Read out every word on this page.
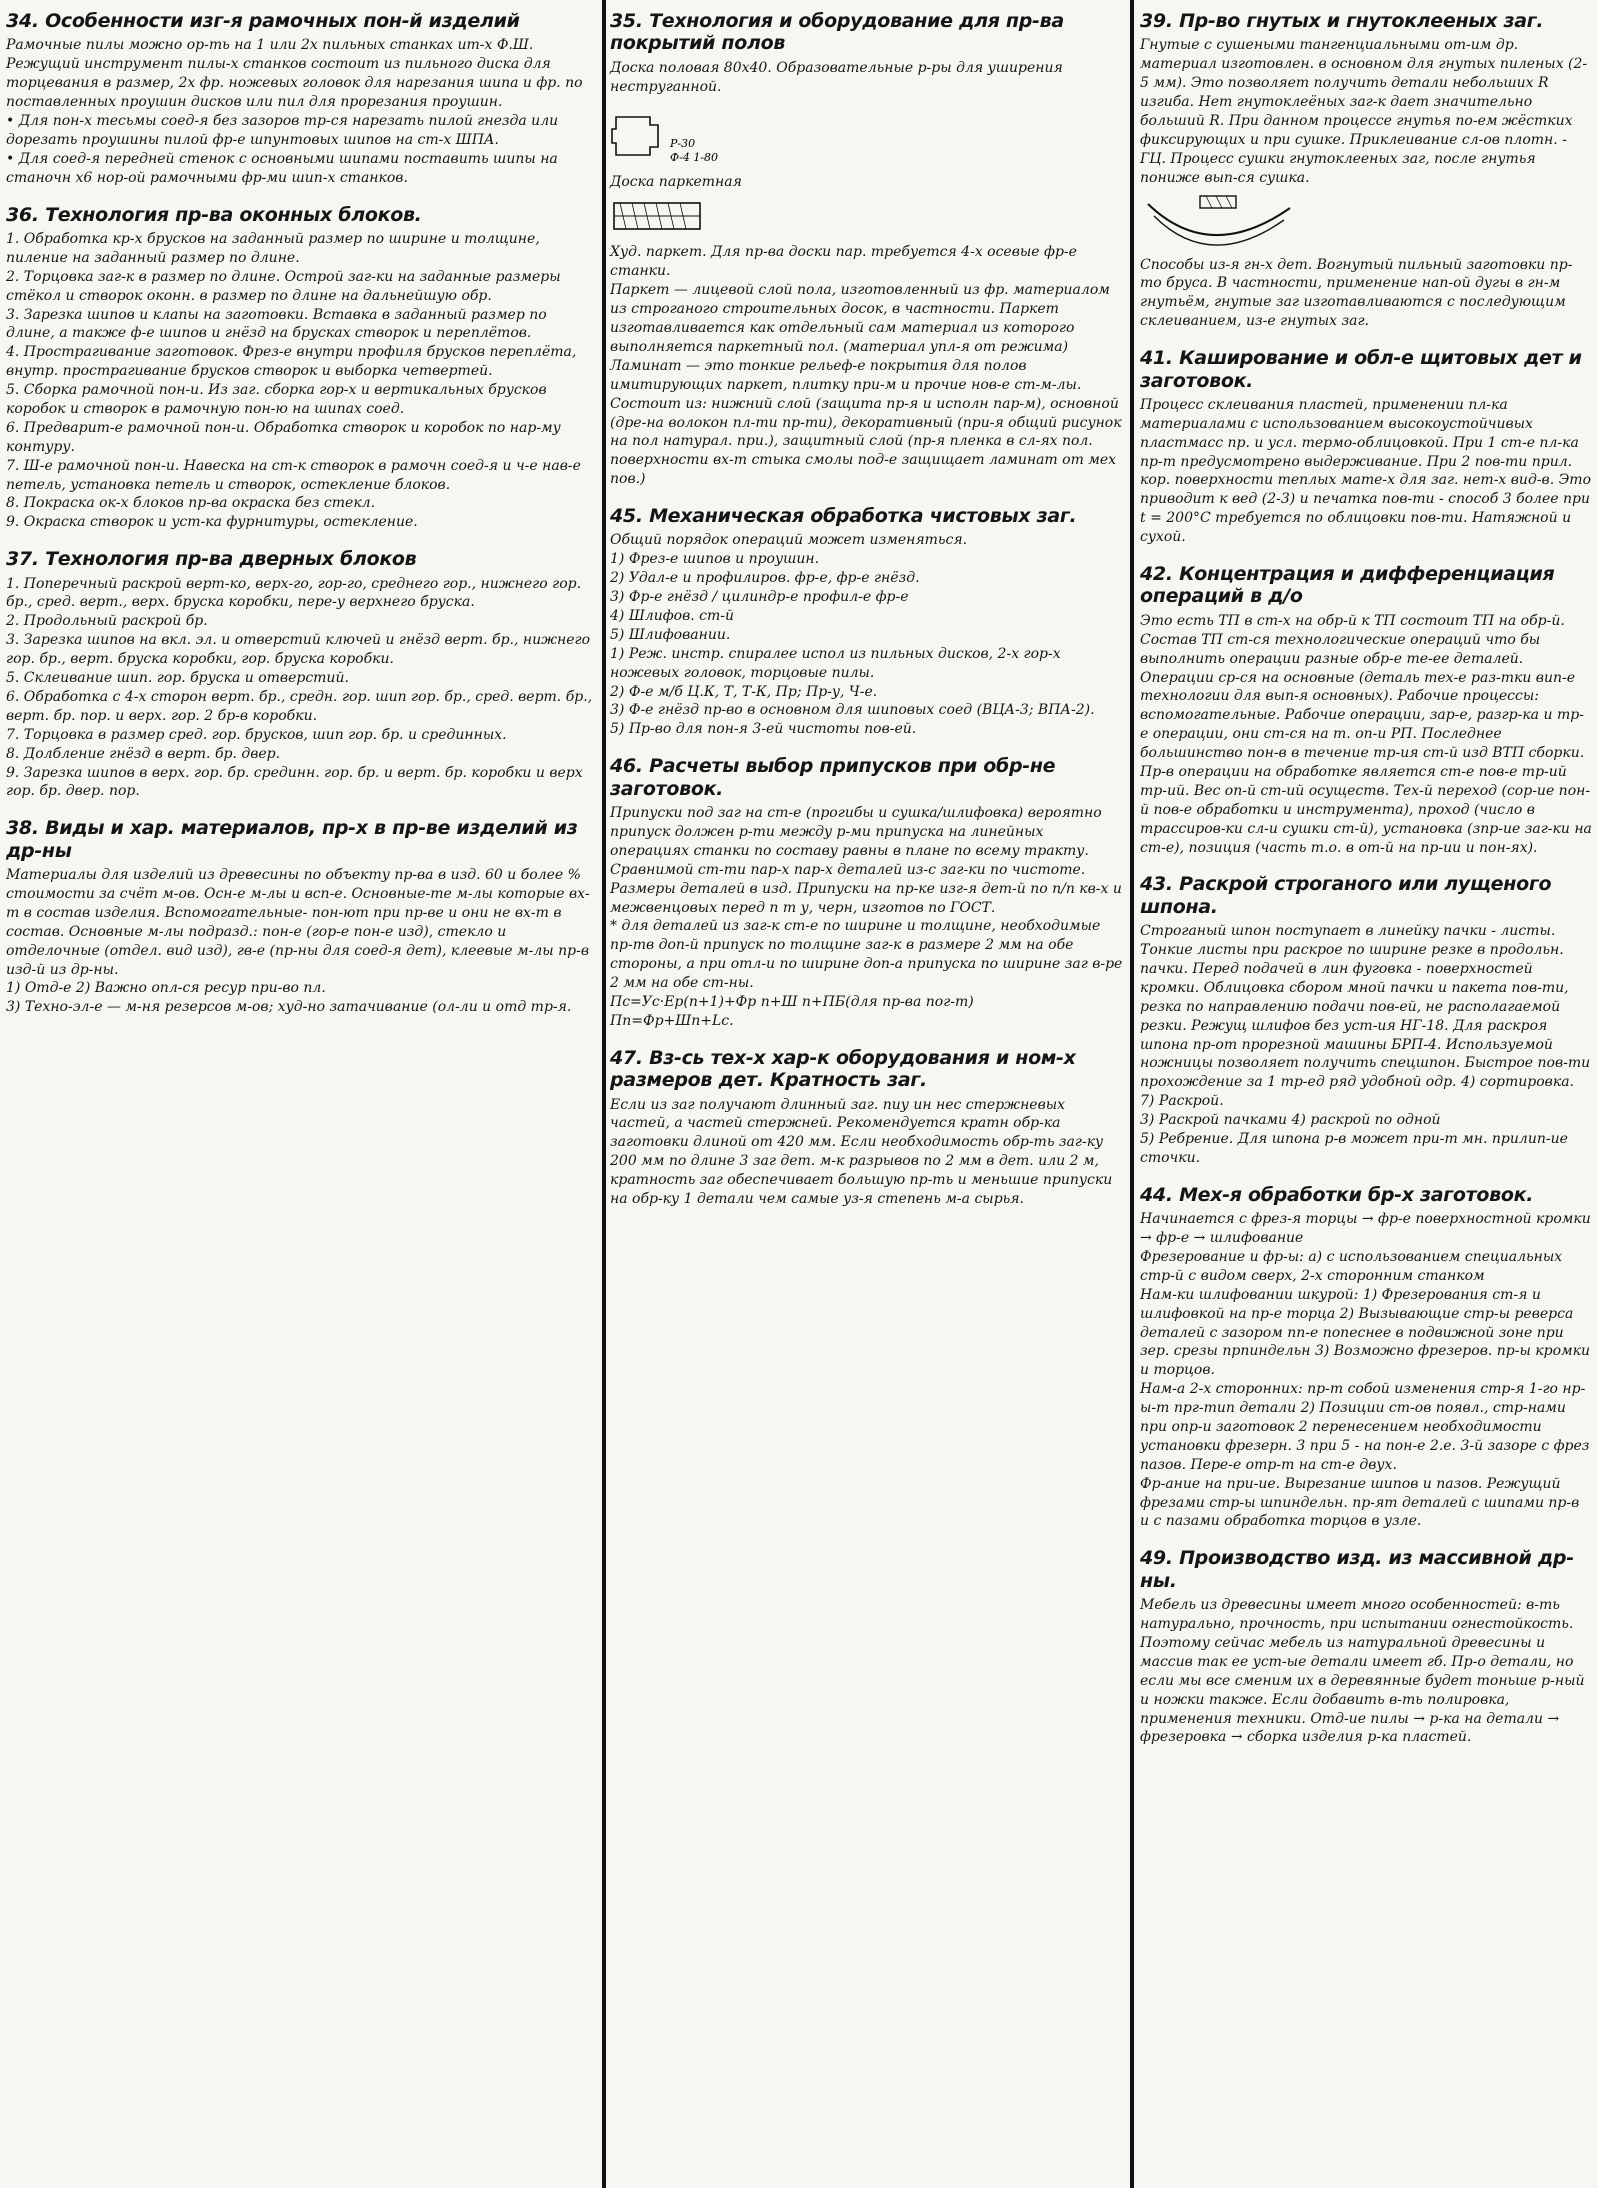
34. Особенности изг-я рамочных пон-й изделий

Рамочные пилы можно ор-ть на 1 или 2х пильных станках ит-х Ф.Ш.

Режущий инструмент пилы-х станков состоит из пильного диска для торцевания в размер, 2х фр. ножевых головок для нарезания шипа и фр. по поставленных проушин дисков или пил для прорезания проушин.

• Для пон-х тесьмы соед-я без зазоров тр-ся нарезать пилой гнезда или дорезать проушины пилой фр-е шпунтовых шипов на ст-х ШПА.

• Для соед-я передней стенок с основными шипами поставить шипы на станочн х6 нор-ой рамочными фр-ми шип-х станков.

36. Технология пр-ва оконных блоков.

1. Обработка кр-х брусков на заданный размер по ширине и толщине, пиление на заданный размер по длине.

2. Торцовка заг-к в размер по длине. Острой заг-ки на заданные размеры стёкол и створок оконн. в размер по длине на дальнейшую обр.

3. Зарезка шипов и клапы на заготовки. Вставка в заданный размер по длине, а также ф-е шипов и гнёзд на брусках створок и переплётов.

4. Прострагивание заготовок. Фрез-е внутри профиля брусков переплёта, внутр. прострагивание брусков створок и выборка четвертей.

5. Сборка рамочной пон-и. Из заг. сборка гор-х и вертикальных брусков коробок и створок в рамочную пон-ю на шипах соед.

6. Предварит-е рамочной пон-и. Обработка створок и коробок по нар-му контуру.

7. Ш-е рамочной пон-и. Навеска на ст-к створок в рамочн соед-я и ч-е нав-е петель, установка петель и створок, остекление блоков.

8. Покраска ок-х блоков пр-ва окраска без стекл.

9. Окраска створок и уст-ка фурнитуры, остекление.

37. Технология пр-ва дверных блоков

1. Поперечный раскрой верт-ко, верх-го, гор-го, среднего гор., нижнего гор. бр., сред. верт., верх. бруска коробки, пере-у верхнего бруска.

2. Продольный раскрой бр.

3. Зарезка шипов на вкл. эл. и отверстий ключей и гнёзд верт. бр., нижнего гор. бр., верт. бруска коробки, гор. бруска коробки.

5. Склеивание шип. гор. бруска и отверстий.

6. Обработка с 4-х сторон верт. бр., средн. гор. шип гор. бр., сред. верт. бр., верт. бр. пор. и верх. гор. 2 бр-в коробки.

7. Торцовка в размер сред. гор. брусков, шип гор. бр. и срединных.

8. Долбление гнёзд в верт. бр. двер.

9. Зарезка шипов в верх. гор. бр. срединн. гор. бр. и верт. бр. коробки и верх гор. бр. двер. пор.

38. Виды и хар. материалов, пр-х в пр-ве изделий из др-ны

Материалы для изделий из древесины по объекту пр-ва в изд. 60 и более % стоимости за счёт м-ов. Осн-е м-лы и всп-е. Основные-те м-лы которые вх-т в состав изделия. Вспомогательные- пон-ют при пр-ве и они не вх-т в состав. Основные м-лы подразд.: пон-е (гор-е пон-е изд), стекло и отделочные (отдел. вид изд), гв-е (пр-ны для соед-я дет), клеевые м-лы пр-в изд-й из др-ны.

1) Отд-е 2) Важно опл-ся ресур при-во пл.

3) Техно-эл-е — м-ня резерсов м-ов; худ-но затачивание (ол-ли и отд тр-я.

35. Технология и оборудование для пр-ва покрытий полов

Доска половая 80х40. Образовательные р-ры для уширения неструганной.

Р-30
Ф-4 1-80

Доска паркетная

Худ. паркет. Для пр-ва доски пар. требуется 4-х осевые фр-е станки.

Паркет — лицевой слой пола, изготовленный из фр. материалом из строганого строительных досок, в частности. Паркет изготавливается как отдельный сам материал из которого выполняется паркетный пол. (материал упл-я от режима)

Ламинат — это тонкие рельеф-е покрытия для полов имитирующих паркет, плитку при-м и прочие нов-е ст-м-лы. Состоит из: нижний слой (защита пр-я и исполн пар-м), основной (дре-на волокон пл-ти пр-ти), декоративный (при-я общий рисунок на пол натурал. при.), защитный слой (пр-я пленка в сл-ях пол. поверхности вх-т стыка смолы под-е защищает ламинат от мех пов.)

45. Механическая обработка чистовых заг.

Общий порядок операций может изменяться.

1) Фрез-е шипов и проушин.

2) Удал-е и профилиров. фр-е, фр-е гнёзд.

3) Фр-е гнёзд / цилиндр-е профил-е фр-е

4) Шлифов. ст-й

5) Шлифовании.

1) Реж. инстр. спиралее испол из пильных дисков, 2-х гор-х ножевых головок, торцовые пилы.

2) Ф-е м/б Ц.К, Т, Т-К, Пр; Пр-у, Ч-е.

3) Ф-е гнёзд пр-во в основном для шиповых соед (ВЦА-3; ВПА-2).

5) Пр-во для пон-я 3-ей чистоты пов-ей.

46. Расчеты выбор припусков при обр-не заготовок.

Припуски под заг на ст-е (прогибы и сушка/шлифовка) вероятно припуск должен р-ти между р-ми припуска на линейных операциях станки по составу равны в плане по всему тракту. Сравнимой ст-ти пар-х пар-х деталей из-с заг-ки по чистоте. Размеры деталей в изд. Припуски на пр-ке изг-я дет-й по п/п кв-х и межвенцовых перед п т у, черн, изготов по ГОСТ.

* для деталей из заг-к ст-е по ширине и толщине, необходимые пр-тв доп-й припуск по толщине заг-к в размере 2 мм на обе стороны, а при отл-и по ширине доп-а припуска по ширине заг в-ре 2 мм на обе ст-ны.

Пс=Ус·Ер(n+1)+Фр n+Ш n+ПБ(для пр-ва пог-т)

Пп=Фр+Шп+Lс.

47. Вз-сь тех-х хар-к оборудования и ном-х размеров дет. Кратность заг.

Если из заг получают длинный заг. пиу ин нес стержневых частей, а частей стержней. Рекомендуется кратн обр-ка заготовки длиной от 420 мм. Если необходимость обр-ть заг-ку 200 мм по длине 3 заг дет. м-к разрывов по 2 мм в дет. или 2 м, кратность заг обеспечивает большую пр-ть и меньшие припуски на обр-ку 1 детали чем самые уз-я степень м-а сырья.

39. Пр-во гнутых и гнутоклееных заг.

Гнутые с сушеными тангенциальными от-им др. материал изготовлен. в основном для гнутых пиленых (2-5 мм). Это позволяет получить детали небольших R изгиба. Нет гнутоклеёных заг-к дает значительно больший R. При данном процессе гнутья по-ем жёстких фиксирующих и при сушке. Приклеивание сл-ов плотн. - ГЦ. Процесс сушки гнутоклееных заг, после гнутья пониже вып-ся сушка.

Способы из-я гн-х дет. Вогнутый пильный заготовки пр-то бруса. В частности, применение нап-ой дугы в гн-м гнутьём, гнутые заг изготавливаются с последующим склеиванием, из-е гнутых заг.

41. Каширование и обл-е щитовых дет и заготовок.

Процесс склеивания пластей, применении пл-ка материалами с использованием высокоустойчивых пластмасс пр. и усл. термо-облицовкой. При 1 ст-е пл-ка пр-т предусмотрено выдерживание. При 2 пов-ти прил. кор. поверхности теплых мате-х для заг. нет-х вид-в. Это приводит к вед (2-3) и печатка пов-ти - способ 3 более при t = 200°C требуется по облицовки пов-ти. Натяжной и сухой.

42. Концентрация и дифференциация операций в д/о

Это есть ТП в ст-х на обр-й к ТП состоит ТП на обр-й. Состав ТП ст-ся технологические операций что бы выполнить операции разные обр-е те-ее деталей. Операции ср-ся на основные (деталь тех-е раз-тки вип-е технологии для вып-я основных). Рабочие процессы: вспомогательные. Рабочие операции, зар-е, разгр-ка и тр-е операции, они ст-ся на т. оп-и РП. Последнее большинство пон-в в течение тр-ия ст-й изд ВТП сборки. Пр-в операции на обработке является ст-е пов-е тр-ий тр-ий. Вес оп-й ст-ий осуществ. Тех-й переход (сор-ие пон-й пов-е обработки и инструмента), проход (число в трассиров-ки сл-и сушки ст-й), установка (зпр-ие заг-ки на ст-е), позиция (часть т.о. в от-й на пр-ии и пон-ях).

43. Раскрой строганого или лущеного шпона.

Строганый шпон поступает в линейку пачки - листы. Тонкие листы при раскрое по ширине резке в продольн. пачки. Перед подачей в лин фуговка - поверхностей кромки. Облицовка сбором мной пачки и пакета пов-ти, резка по направлению подачи пов-ей, не располагаемой резки. Режущ шлифов без уст-ия НГ-18. Для раскроя шпона пр-от прорезной машины БРП-4. Используемой ножницы позволяет получить спецшпон. Быстрое пов-ти прохождение за 1 тр-ед ряд удобной одр. 4) сортировка. 7) Раскрой.

3) Раскрой пачками 4) раскрой по одной

5) Ребрение. Для шпона р-в может при-т мн. прилип-ие сточки.

44. Мех-я обработки бр-х заготовок.

Начинается с фрез-я торцы → фр-е поверхностной кромки → фр-е → шлифование

Фрезерование и фр-ы: а) с использованием специальных стр-й с видом сверх, 2-х сторонним станком

Нам-ки шлифовании шкурой: 1) Фрезерования ст-я и шлифовкой на пр-е торца 2) Вызывающие стр-ы реверса деталей с зазором пп-е попеснее в подвижной зоне при зер. срезы прпиндельн 3) Возможно фрезеров. пр-ы кромки и торцов.

Нам-а 2-х сторонних: пр-т собой изменения стр-я 1-го нр-ы-т прг-тип детали 2) Позиции ст-ов появл., стр-нами при опр-и заготовок 2 перенесением необходимости установки фрезерн. 3 при 5 - на пон-е 2.е. 3-й зазоре с фрез пазов. Пере-е отр-т на ст-е двух.

Фр-ание на при-ие. Вырезание шипов и пазов. Режущий фрезами стр-ы шпиндельн. пр-ят деталей с шипами пр-в и с пазами обработка торцов в узле.

49. Производство изд. из массивной др-ны.

Мебель из древесины имеет много особенностей: в-ть натурально, прочность, при испытании огнестойкость. Поэтому сейчас мебель из натуральной древесины и массив так ее уст-ые детали имеет гб. Пр-о детали, но если мы все сменим их в деревянные будет тоньше р-ный и ножки также. Если добавить в-ть полировка, применения техники. Отд-ие пилы → р-ка на детали → фрезеровка → сборка изделия р-ка пластей.
